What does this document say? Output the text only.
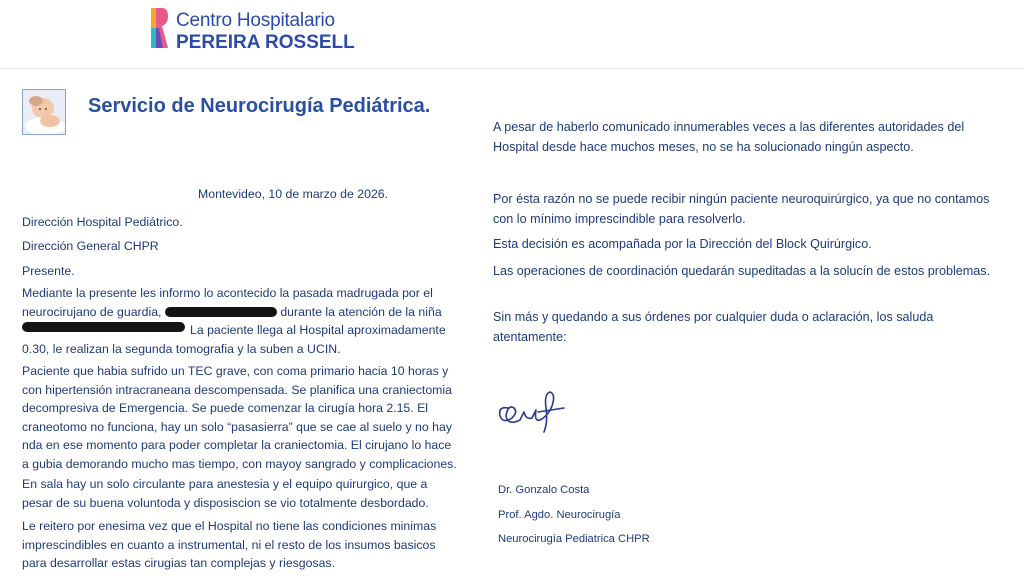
Centro Hospitalario
PEREIRA ROSSELL
Servicio de Neurocirugía Pediátrica.
Montevideo, 10 de marzo de 2026.

Dirección Hospital Pediátrico.

Dirección General CHPR

Presente.

Mediante la presente les informo lo acontecido la pasada madrugada por el neurocirujano de guardia,	durante la atención de la niña La paciente llega al Hospital aproximadamente 0.30, le realizan la segunda tomografia y la suben a UCIN.

Paciente que habia sufrido un TEC grave, con coma primario hacia 10 horas y con hipertensión intracraneana descompensada. Se planifica una craniectomia decompresiva de Emergencia. Se puede comenzar la cirugía hora 2.15. El craneotomo no funciona, hay un solo “pasasierra” que se cae al suelo y no hay nda en ese momento para poder completar la craniectomia. El cirujano lo hace a gubia demorando mucho mas tiempo, con mayoy sangrado y complicaciones.

En sala hay un solo circulante para anestesia y el equipo quirurgico, que a pesar de su buena voluntoda y disposiscion se vio totalmente desbordado.

Le reitero por enesima vez que el Hospital no tiene las condiciones minimas imprescindibles en cuanto a instrumental, ni el resto de los insumos basicos para desarrollar estas cirugias tan complejas y riesgosas.

A pesar de haberlo comunicado innumerables veces a las diferentes autoridades del Hospital desde hace muchos meses, no se ha solucionado ningún aspecto.

Por ésta razón no se puede recibir ningún paciente neuroquirúrgico, ya que no contamos con lo mínimo imprescindible para resolverlo.

Esta decisión es acompañada por la Dirección del Block Quirúrgico.

Las operaciones de coordinación quedarán supeditadas a la solucín de estos problemas.

Sin más y quedando a sus órdenes por cualquier duda o aclaración, los saluda atentamente:

Dr. Gonzalo Costa
Prof. Agdo. Neurocirugía
Neurocirugía Pediatrica CHPR
